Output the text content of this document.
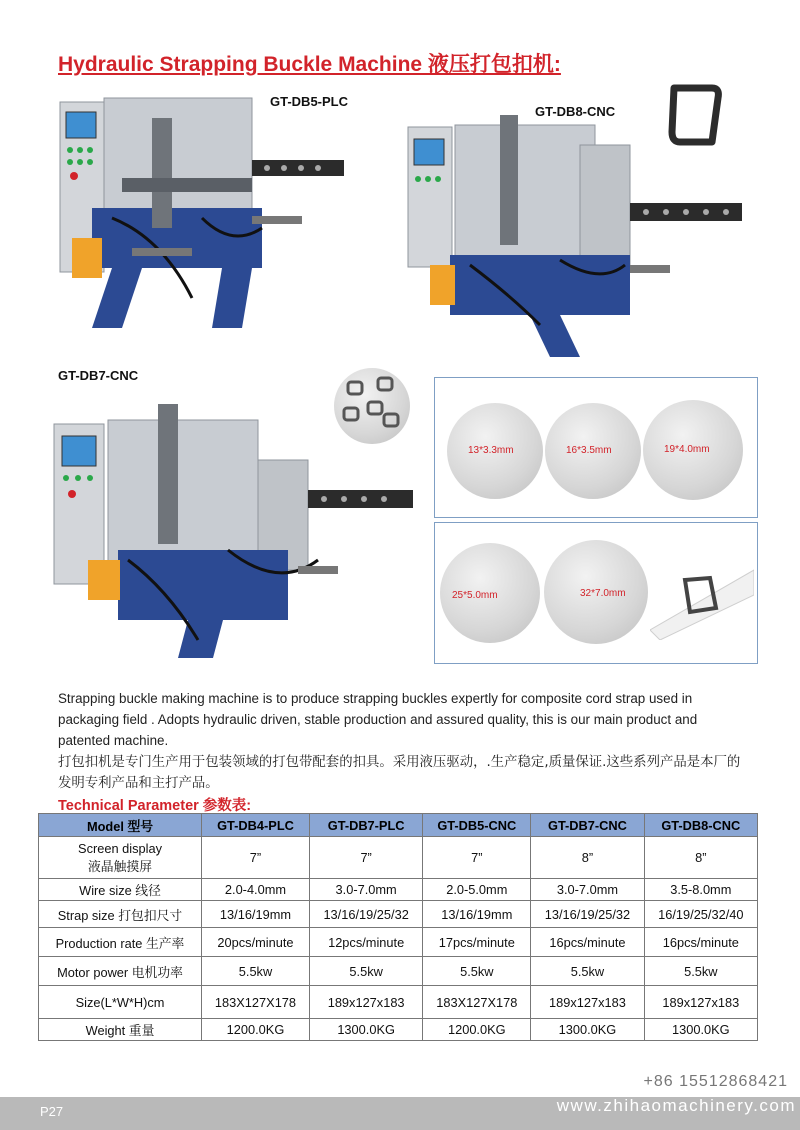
Hydraulic Strapping Buckle Machine 液压打包扣机:
GT-DB5-PLC
GT-DB8-CNC
GT-DB7-CNC
13*3.3mm	16*3.5mm	19*4.0mm
25*5.0mm	32*7.0mm
Strapping buckle making machine is to produce strapping buckles expertly for composite cord strap used in packaging field . Adopts hydraulic driven, stable production and assured quality, this is our main product and patented machine.
打包扣机是专门生产用于包装领域的打包带配套的扣具。采用液压驱动，.生产稳定,质量保证.这些系列产品是本厂的发明专利产品和主打产品。
Technical Parameter 参数表:
Model 型号	GT-DB4-PLC	GT-DB7-PLC	GT-DB5-CNC	GT-DB7-CNC	GT-DB8-CNC
Screen display
液晶触摸屏	7”	7”	7”	8”	8”
Wire size 线径	2.0-4.0mm	3.0-7.0mm	2.0-5.0mm	3.0-7.0mm	3.5-8.0mm
Strap size 打包扣尺寸	13/16/19mm	13/16/19/25/32	13/16/19mm	13/16/19/25/32	16/19/25/32/40
Production rate 生产率	20pcs/minute	12pcs/minute	17pcs/minute	16pcs/minute	16pcs/minute
Motor power 电机功率	5.5kw	5.5kw	5.5kw	5.5kw	5.5kw
Size(L*W*H)cm	183X127X178	189x127x183	183X127X178	189x127x183	189x127x183
Weight 重量	1200.0KG	1300.0KG	1200.0KG	1300.0KG	1300.0KG
+86 15512868421
P27	www.zhihaomachinery.com
